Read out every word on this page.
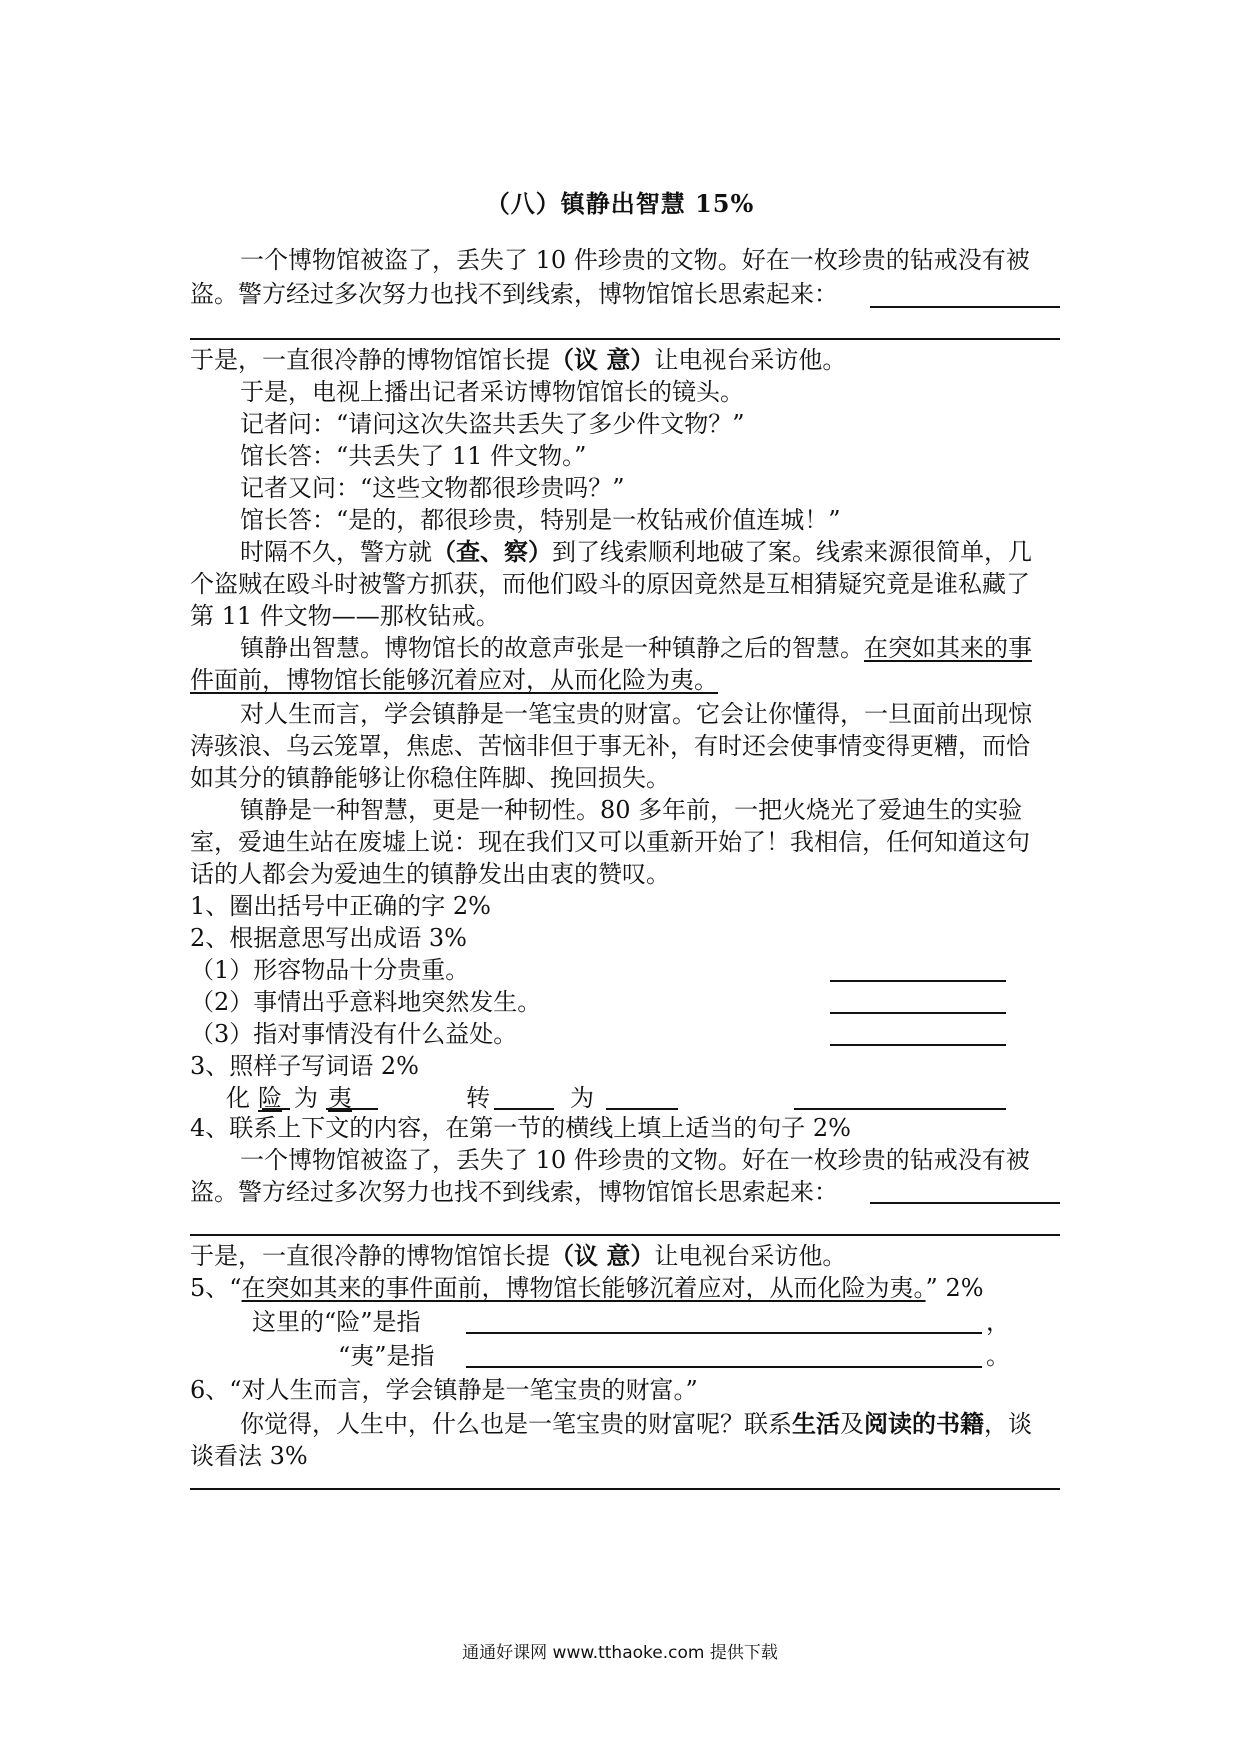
（八）镇静出智慧 15%
一个博物馆被盗了，丢失了 10 件珍贵的文物。好在一枚珍贵的钻戒没有被
盗。警方经过多次努力也找不到线索，博物馆馆长思索起来：
于是，一直很冷静的博物馆馆长提（议 意）让电视台采访他。
于是，电视上播出记者采访博物馆馆长的镜头。
记者问：“请问这次失盗共丢失了多少件文物？”
馆长答：“共丢失了 11 件文物。”
记者又问：“这些文物都很珍贵吗？”
馆长答：“是的，都很珍贵，特别是一枚钻戒价值连城！”
时隔不久，警方就（查、察）到了线索顺利地破了案。线索来源很简单，几
个盗贼在殴斗时被警方抓获，而他们殴斗的原因竟然是互相猜疑究竟是谁私藏了
第 11 件文物——那枚钻戒。
镇静出智慧。博物馆长的故意声张是一种镇静之后的智慧。在突如其来的事
件面前，博物馆长能够沉着应对，从而化险为夷。
对人生而言，学会镇静是一笔宝贵的财富。它会让你懂得，一旦面前出现惊
涛骇浪、乌云笼罩，焦虑、苦恼非但于事无补，有时还会使事情变得更糟，而恰
如其分的镇静能够让你稳住阵脚、挽回损失。
镇静是一种智慧，更是一种韧性。80 多年前，一把火烧光了爱迪生的实验
室，爱迪生站在废墟上说：现在我们又可以重新开始了！我相信，任何知道这句
话的人都会为爱迪生的镇静发出由衷的赞叹。
1、圈出括号中正确的字 2%
2、根据意思写出成语 3%
（1）形容物品十分贵重。
（2）事情出乎意料地突然发生。
（3）指对事情没有什么益处。
3、照样子写词语 2%
化 险 为 夷	转	为
4、联系上下文的内容，在第一节的横线上填上适当的句子 2%
一个博物馆被盗了，丢失了 10 件珍贵的文物。好在一枚珍贵的钻戒没有被
盗。警方经过多次努力也找不到线索，博物馆馆长思索起来：
于是，一直很冷静的博物馆馆长提（议 意）让电视台采访他。
5、“在突如其来的事件面前，博物馆长能够沉着应对，从而化险为夷。” 2%
这里的“险”是指	，
“夷”是指	。
6、“对人生而言，学会镇静是一笔宝贵的财富。”
你觉得，人生中，什么也是一笔宝贵的财富呢？联系生活及阅读的书籍，谈
谈看法 3%
通通好课网 www.tthaoke.com 提供下载
